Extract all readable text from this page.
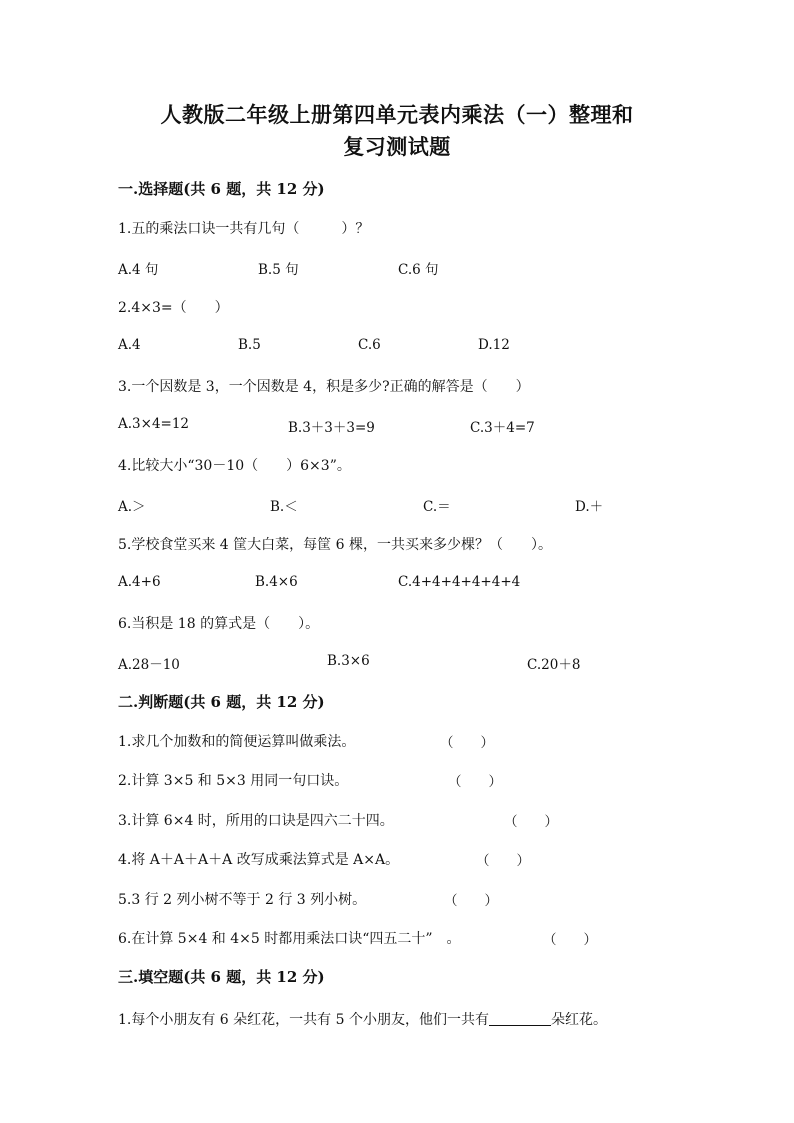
人教版二年级上册第四单元表内乘法（一）整理和
复习测试题
一.选择题(共 6 题，共 12 分)
1.五的乘法口诀一共有几句（　　　）？
A.4 句	B.5 句	C.6 句
2.4×3=（　　）
A.4	B.5	C.6	D.12
3.一个因数是 3，一个因数是 4，积是多少?正确的解答是（　　）
A.3×4=12	B.3＋3＋3=9	C.3＋4=7
4.比较大小“30－10（　　）6×3”。
A.＞	B.＜	C.＝	D.＋
5.学校食堂买来 4 筐大白菜，每筐 6 棵，一共买来多少棵？（　　）。
A.4+6	B.4×6	C.4+4+4+4+4+4
6.当积是 18 的算式是（　　）。
A.28－10	B.3×6	C.20＋8
二.判断题(共 6 题，共 12 分)
1.求几个加数和的简便运算叫做乘法。	（　　）
2.计算 3×5 和 5×3 用同一句口诀。	（　　）
3.计算 6×4 时，所用的口诀是四六二十四。	（　　）
4.将 A＋A＋A＋A 改写成乘法算式是 A×A。	（　　）
5.3 行 2 列小树不等于 2 行 3 列小树。	（　　）
6.在计算 5×4 和 4×5 时都用乘法口诀“四五二十”　。	（　　）
三.填空题(共 6 题，共 12 分)
1.每个小朋友有 6 朵红花，一共有 5 个小朋友，他们一共有	朵红花。
